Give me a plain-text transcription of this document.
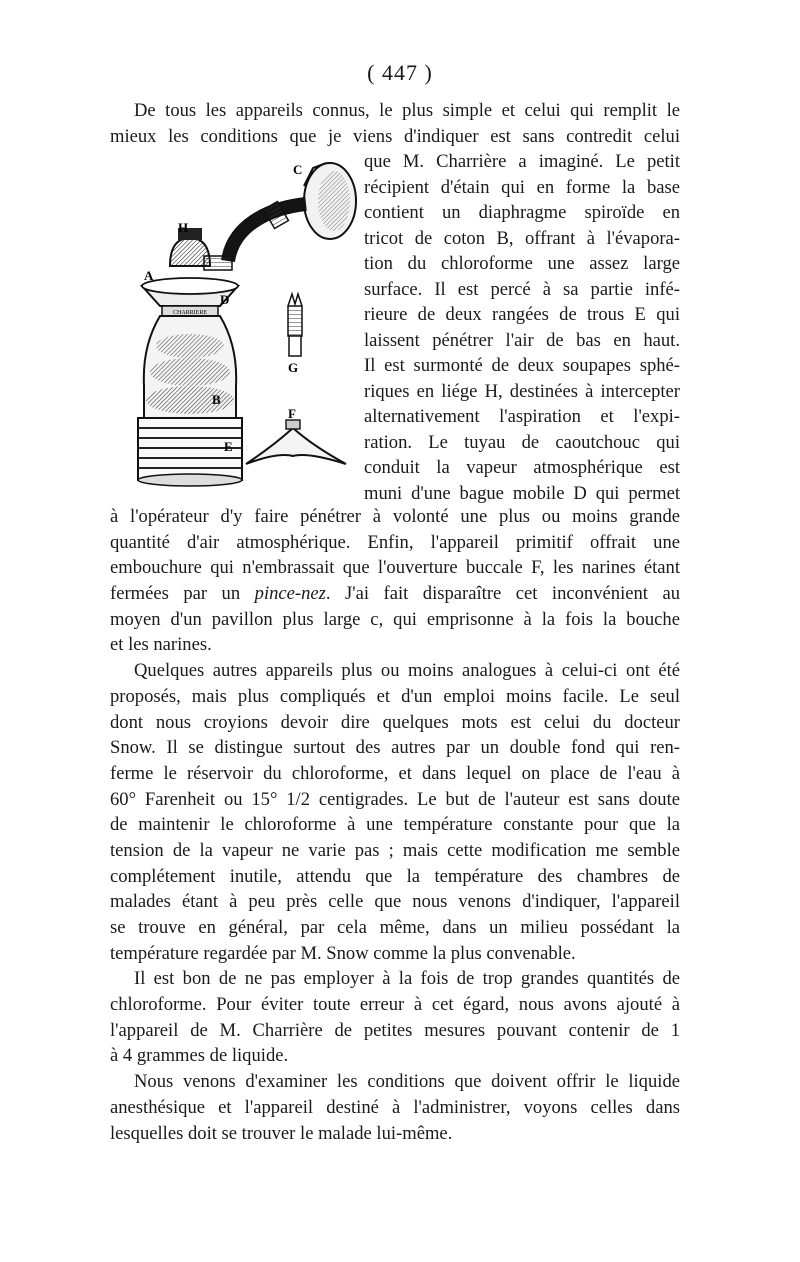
( 447 )
De tous les appareils connus, le plus simple et celui qui remplit le
mieux les conditions que je viens d'indiquer est sans contredit celui
CHARRIERE
C
H
A
D
G
B
E
F
que M. Charrière a imaginé. Le petit
récipient d'étain qui en forme la base
contient un diaphragme spiroïde en
tricot de coton B, offrant à l'évapora-
tion du chloroforme une assez large
surface. Il est percé à sa partie infé-
rieure de deux rangées de trous E qui
laissent pénétrer l'air de bas en haut.
Il est surmonté de deux soupapes sphé-
riques en liége H, destinées à intercepter
alternativement l'aspiration et l'expi-
ration. Le tuyau de caoutchouc qui
conduit la vapeur atmosphérique est
muni d'une bague mobile D qui permet
à l'opérateur d'y faire pénétrer à volonté une plus ou moins grande
quantité d'air atmosphérique. Enfin, l'appareil primitif offrait une
embouchure qui n'embrassait que l'ouverture buccale F, les narines étant
fermées par un pince-nez. J'ai fait disparaître cet inconvénient au
moyen d'un pavillon plus large c, qui emprisonne à la fois la bouche
et les narines.
Quelques autres appareils plus ou moins analogues à celui-ci ont été
proposés, mais plus compliqués et d'un emploi moins facile. Le seul
dont nous croyions devoir dire quelques mots est celui du docteur
Snow. Il se distingue surtout des autres par un double fond qui ren-
ferme le réservoir du chloroforme, et dans lequel on place de l'eau à
60° Farenheit ou 15° 1/2 centigrades. Le but de l'auteur est sans doute
de maintenir le chloroforme à une température constante pour que la
tension de la vapeur ne varie pas ; mais cette modification me semble
complétement inutile, attendu que la température des chambres de
malades étant à peu près celle que nous venons d'indiquer, l'appareil
se trouve en général, par cela même, dans un milieu possédant la
température regardée par M. Snow comme la plus convenable.
Il est bon de ne pas employer à la fois de trop grandes quantités de
chloroforme. Pour éviter toute erreur à cet égard, nous avons ajouté à
l'appareil de M. Charrière de petites mesures pouvant contenir de 1
à 4 grammes de liquide.
Nous venons d'examiner les conditions que doivent offrir le liquide
anesthésique et l'appareil destiné à l'administrer, voyons celles dans
lesquelles doit se trouver le malade lui-même.
